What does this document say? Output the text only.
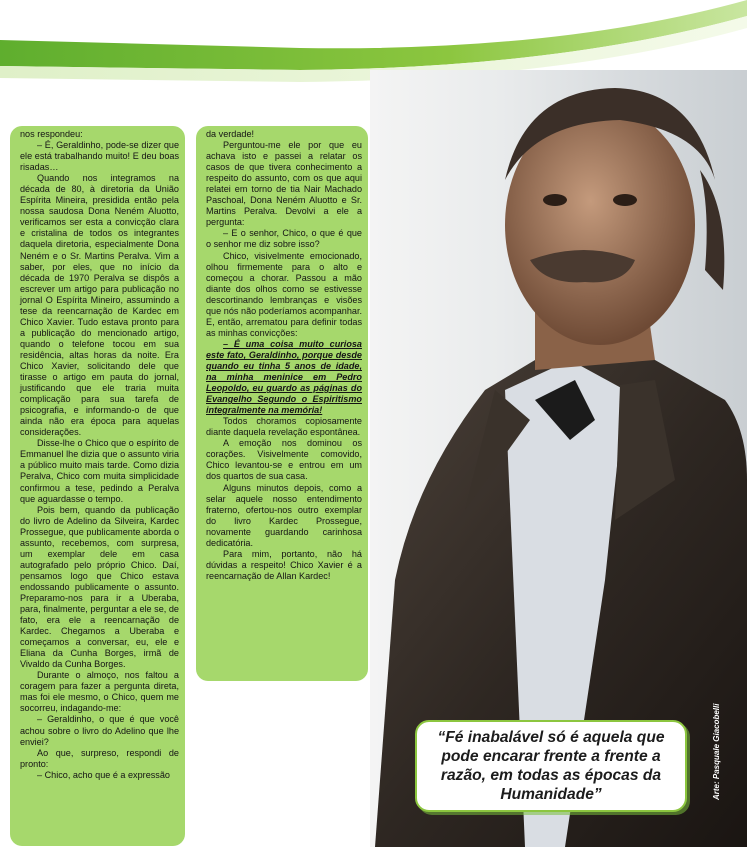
nos respondeu:

– É, Geraldinho, pode-se dizer que ele está trabalhando muito! E deu boas risadas…

Quando nos integramos na década de 80, à diretoria da União Espírita Mineira, presidida então pela nossa saudosa Dona Neném Aluotto, verificamos ser esta a convicção clara e cristalina de todos os integrantes daquela diretoria, especialmente Dona Neném e o Sr. Martins Peralva. Vim a saber, por eles, que no início da década de 1970 Peralva se dispôs a escrever um artigo para publicação no jornal O Espírita Mineiro, assumindo a tese da reencarnação de Kardec em Chico Xavier. Tudo estava pronto para a publicação do mencionado artigo, quando o telefone tocou em sua residência, altas horas da noite. Era Chico Xavier, solicitando dele que tirasse o artigo em pauta do jornal, justificando que ele traria muita complicação para sua tarefa de psicografia, e informando-o de que ainda não era época para aquelas considerações.

Disse-lhe o Chico que o espírito de Emmanuel lhe dizia que o assunto viria a público muito mais tarde. Como dizia Peralva, Chico com muita simplicidade confirmou a tese, pedindo a Peralva que aguardasse o tempo.

Pois bem, quando da publicação do livro de Adelino da Silveira, Kardec Prossegue, que publicamente aborda o assunto, recebemos, com surpresa, um exemplar dele em casa autografado pelo próprio Chico. Daí, pensamos logo que Chico estava endossando publicamente o assunto. Preparamo-nos para ir a Uberaba, para, finalmente, perguntar a ele se, de fato, era ele a reencarnação de Kardec. Chegamos a Uberaba e começamos a conversar, eu, ele e Eliana da Cunha Borges, irmã de Vivaldo da Cunha Borges.

Durante o almoço, nos faltou a coragem para fazer a pergunta direta, mas foi ele mesmo, o Chico, quem me socorreu, indagando-me:

– Geraldinho, o que é que você achou sobre o livro do Adelino que lhe enviei?

Ao que, surpreso, respondi de pronto:

– Chico, acho que é a expressão

da verdade!

Perguntou-me ele por que eu achava isto e passei a relatar os casos de que tivera conhecimento a respeito do assunto, com os que aqui relatei em torno de tia Nair Machado Paschoal, Dona Neném Aluotto e Sr. Martins Peralva. Devolvi a ele a pergunta:

– E o senhor, Chico, o que é que o senhor me diz sobre isso?

Chico, visivelmente emocionado, olhou firmemente para o alto e começou a chorar. Passou a mão diante dos olhos como se estivesse descortinando lembranças e visões que nós não poderíamos acompanhar. E, então, arrematou para definir todas as minhas convicções:

– É uma coisa muito curiosa este fato, Geraldinho, porque desde quando eu tinha 5 anos de idade, na minha meninice em Pedro Leopoldo, eu guardo as páginas do Evangelho Segundo o Espiritismo integralmente na memória!

Todos choramos copiosamente diante daquela revelação espontânea.

A emoção nos dominou os corações. Visivelmente comovido, Chico levantou-se e entrou em um dos quartos de sua casa.

Alguns minutos depois, como a selar aquele nosso entendimento fraterno, ofertou-nos outro exemplar do livro Kardec Prossegue, novamente guardando carinhosa dedicatória.

Para mim, portanto, não há dúvidas a respeito! Chico Xavier é a reencarnação de Allan Kardec!

“Fé inabalável só é aquela que pode encarar frente a frente a razão, em todas as épocas da Humanidade”	Arte: Pasquale Giacobelli
